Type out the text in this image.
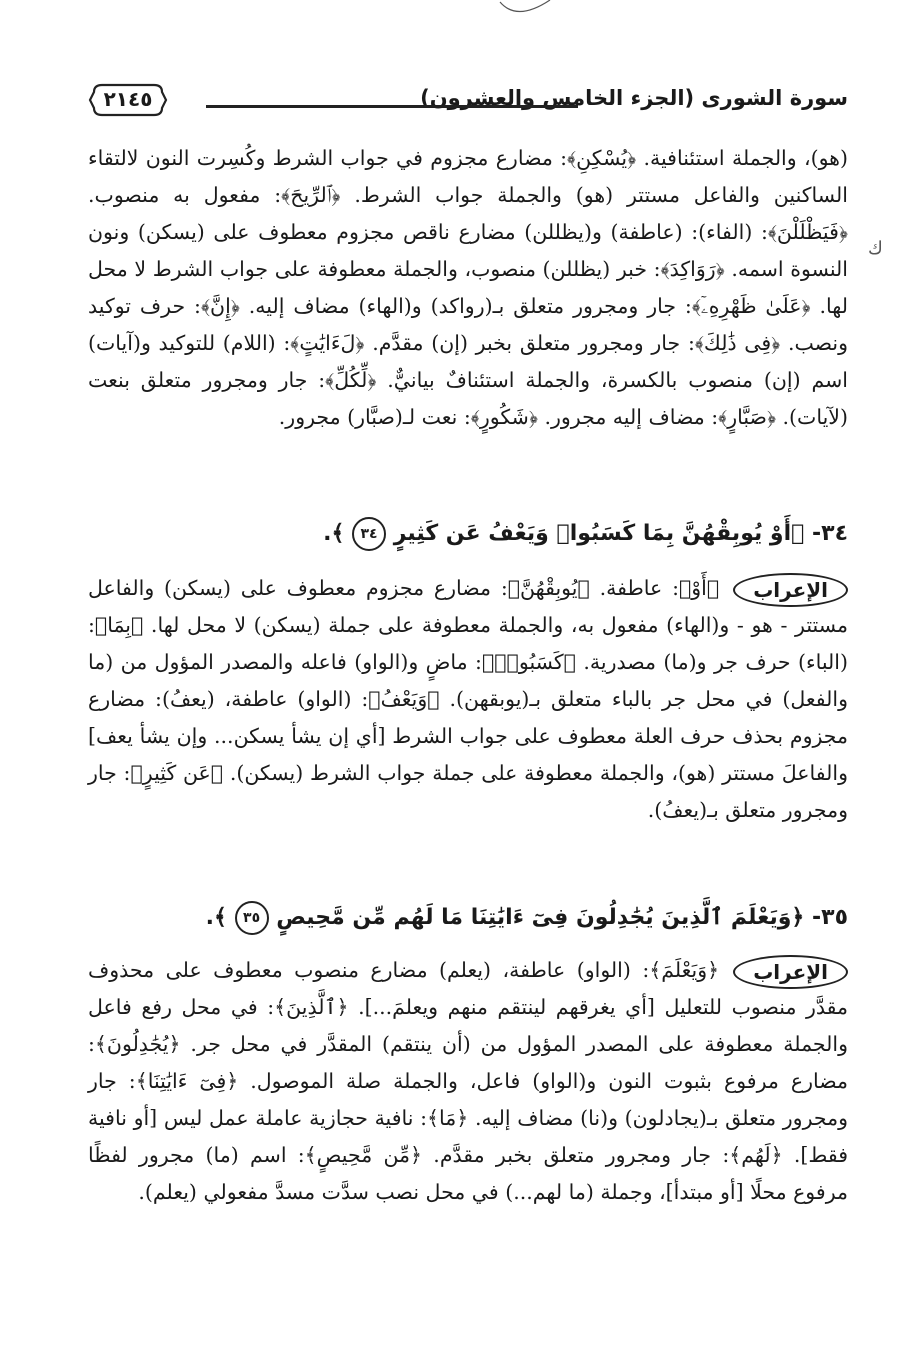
سورة الشورى (الجزء الخامس والعشرون)
٢١٤٥
ﻙ

(هو)، والجملة استئنافية. ﴿يُسْكِنِ﴾: مضارع مجزوم في جواب الشرط وكُسِرت النون لالتقاء الساكنين والفاعل مستتر (هو) والجملة جواب الشرط. ﴿ٱلرِّيحَ﴾: مفعول به منصوب. ﴿فَيَظْلَلْنَ﴾: (الفاء): (عاطفة) و(يظللن) مضارع ناقص مجزوم معطوف على (يسكن) ونون النسوة اسمه. ﴿رَوَاكِدَ﴾: خبر (يظللن) منصوب، والجملة معطوفة على جواب الشرط لا محل لها. ﴿عَلَىٰ ظَهْرِهِۦٓ﴾: جار ومجرور متعلق بـ(رواكد) و(الهاء) مضاف إليه. ﴿إِنَّ﴾: حرف توكيد ونصب. ﴿فِى ذَٰلِكَ﴾: جار ومجرور متعلق بخبر (إن) مقدَّم. ﴿لَءَايَٰتٍ﴾: (اللام) للتوكيد و(آيات) اسم (إن) منصوب بالكسرة، والجملة استئنافٌ بيانيٌّ. ﴿لِّكُلِّ﴾: جار ومجرور متعلق بنعت (لآيات). ﴿صَبَّارٍ﴾: مضاف إليه مجرور. ﴿شَكُورٍ﴾: نعت لـ(صبَّار) مجرور.

٣٤- ﴿أَوْ يُوبِقْهُنَّ بِمَا كَسَبُوا۟ وَيَعْفُ عَن كَثِيرٍ ٣٤ ﴾.
الإعراب

﴿أَوْ﴾: عاطفة. ﴿يُوبِقْهُنَّ﴾: مضارع مجزوم معطوف على (يسكن) والفاعل مستتر - هو - و(الهاء) مفعول به، والجملة معطوفة على جملة (يسكن) لا محل لها. ﴿بِمَا﴾: (الباء) حرف جر و(ما) مصدرية. ﴿كَسَبُوا۟﴾: ماضٍ و(الواو) فاعله والمصدر المؤول من (ما والفعل) في محل جر بالباء متعلق بـ(يوبقهن). ﴿وَيَعْفُ﴾: (الواو) عاطفة، (يعفُ): مضارع مجزوم بحذف حرف العلة معطوف على جواب الشرط [أي إن يشأ يسكن... وإن يشأ يعف] والفاعلَ مستتر (هو)، والجملة معطوفة على جملة جواب الشرط (يسكن). ﴿عَن كَثِيرٍ﴾: جار ومجرور متعلق بـ(يعفُ).

٣٥- ﴿وَيَعْلَمَ ٱلَّذِينَ يُجَٰدِلُونَ فِىٓ ءَايَٰتِنَا مَا لَهُم مِّن مَّحِيصٍ ٣٥ ﴾.
الإعراب

﴿وَيَعْلَمَ﴾: (الواو) عاطفة، (يعلم) مضارع منصوب معطوف على محذوف مقدَّر منصوب للتعليل [أي يغرقهم لينتقم منهم ويعلمَ...]. ﴿ٱلَّذِينَ﴾: في محل رفع فاعل والجملة معطوفة على المصدر المؤول من (أن ينتقم) المقدَّر في محل جر. ﴿يُجَٰدِلُونَ﴾: مضارع مرفوع بثبوت النون و(الواو) فاعل، والجملة صلة الموصول. ﴿فِىٓ ءَايَٰتِنَا﴾: جار ومجرور متعلق بـ(يجادلون) و(نا) مضاف إليه. ﴿مَا﴾: نافية حجازية عاملة عمل ليس [أو نافية فقط]. ﴿لَهُم﴾: جار ومجرور متعلق بخبر مقدَّم. ﴿مِّن مَّحِيصٍ﴾: اسم (ما) مجرور لفظًا مرفوع محلًا [أو مبتدأ]، وجملة (ما لهم...) في محل نصب سدَّت مسدَّ مفعولي (يعلم).
